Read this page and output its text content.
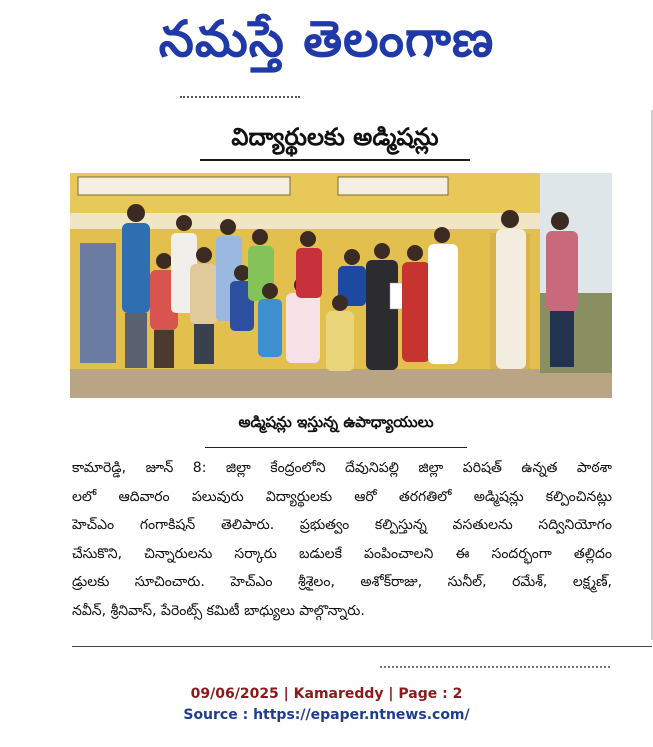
నమస్తే తెలంగాణ
విద్యార్థులకు అడ్మిషన్లు
అడ్మిషన్లు ఇస్తున్న ఉపాధ్యాయులు
కామారెడ్డి, జూన్ 8: జిల్లా కేంద్రంలోని దేవునిపల్లి జిల్లా పరిషత్ ఉన్నత పాఠశా
లలో ఆదివారం పలువురు విద్యార్థులకు ఆరో తరగతిలో అడ్మిషన్లు కల్పించినట్లు
హెచ్ఎం గంగాకిషన్ తెలిపారు. ప్రభుత్వం కల్పిస్తున్న వసతులను సద్వినియోగం
చేసుకొని, చిన్నారులను సర్కారు బడులకే పంపించాలని ఈ సందర్భంగా తల్లిదం
డ్రులకు సూచించారు. హెచ్ఎం శ్రీశైలం, అశోక్‌రాజు, సునీల్, రమేశ్, లక్ష్మణ్,
నవీన్, శ్రీనివాస్, పేరెంట్స్ కమిటీ బాధ్యులు పాల్గొన్నారు.
09/06/2025 | Kamareddy | Page : 2
Source : https://epaper.ntnews.com/
